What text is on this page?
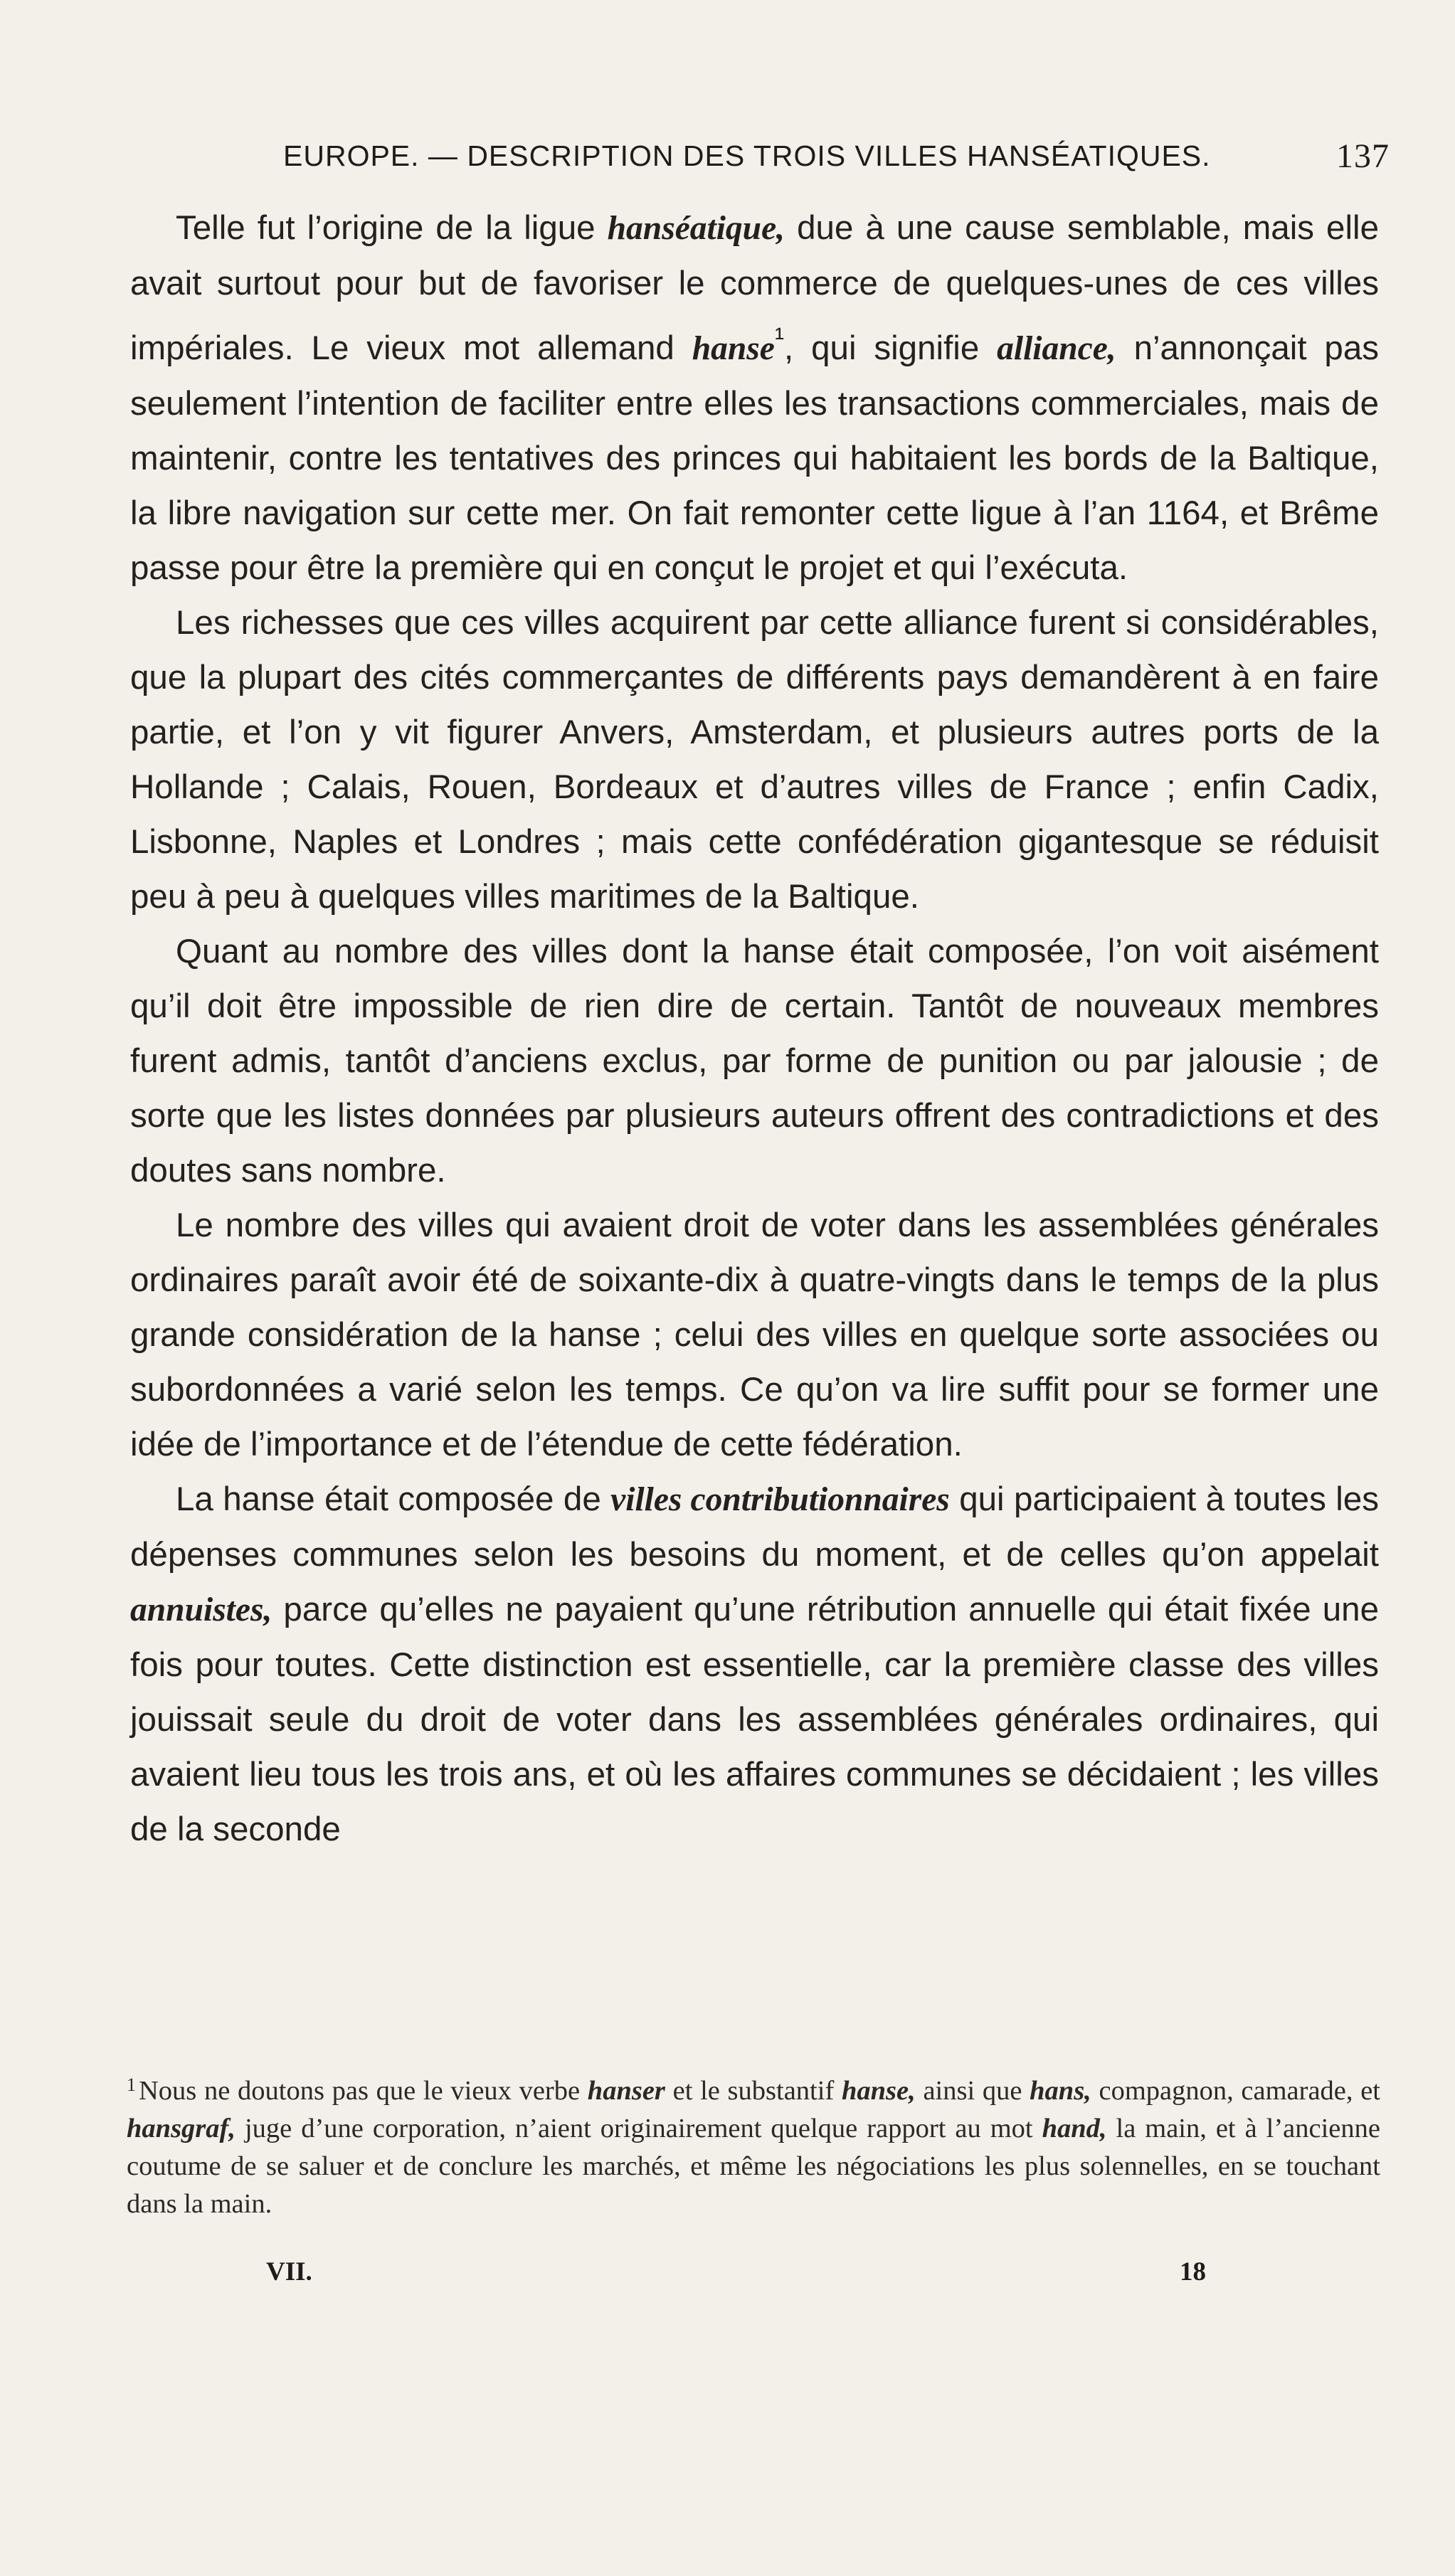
EUROPE. — DESCRIPTION DES TROIS VILLES HANSÉATIQUES.	137

Telle fut l’origine de la ligue hanséatique, due à une cause semblable, mais elle avait surtout pour but de favoriser le commerce de quelques-unes de ces villes impériales. Le vieux mot allemand hanse$^{^1}$, qui signifie alliance, n’annonçait pas seulement l’intention de faciliter entre elles les transactions commerciales, mais de maintenir, contre les tentatives des princes qui habitaient les bords de la Baltique, la libre navigation sur cette mer. On fait remonter cette ligue à l’an 1164, et Brême passe pour être la première qui en conçut le projet et qui l’exécuta.

Les richesses que ces villes acquirent par cette alliance furent si considérables, que la plupart des cités commerçantes de différents pays demandèrent à en faire partie, et l’on y vit figurer Anvers, Amsterdam, et plusieurs autres ports de la Hollande ; Calais, Rouen, Bordeaux et d’autres villes de France ; enfin Cadix, Lisbonne, Naples et Londres ; mais cette confédération gigantesque se réduisit peu à peu à quelques villes maritimes de la Baltique.

Quant au nombre des villes dont la hanse était composée, l’on voit aisément qu’il doit être impossible de rien dire de certain. Tantôt de nouveaux membres furent admis, tantôt d’anciens exclus, par forme de punition ou par jalousie ; de sorte que les listes données par plusieurs auteurs offrent des contradictions et des doutes sans nombre.

Le nombre des villes qui avaient droit de voter dans les assemblées générales ordinaires paraît avoir été de soixante-dix à quatre-vingts dans le temps de la plus grande considération de la hanse ; celui des villes en quelque sorte associées ou subordonnées a varié selon les temps. Ce qu’on va lire suffit pour se former une idée de l’importance et de l’étendue de cette fédération.

La hanse était composée de villes contributionnaires qui participaient à toutes les dépenses communes selon les besoins du moment, et de celles qu’on appelait annuistes, parce qu’elles ne payaient qu’une rétribution annuelle qui était fixée une fois pour toutes. Cette distinction est essentielle, car la première classe des villes jouissait seule du droit de voter dans les assemblées générales ordinaires, qui avaient lieu tous les trois ans, et où les affaires communes se décidaient ; les villes de la seconde

$^1$ Nous ne doutons pas que le vieux verbe hanser et le substantif hanse, ainsi que hans, compagnon, camarade, et hansgraf, juge d’une corporation, n’aient originairement quelque rapport au mot hand, la main, et à l’ancienne coutume de se saluer et de conclure les marchés, et même les négociations les plus solennelles, en se touchant dans la main.

VII.	18
